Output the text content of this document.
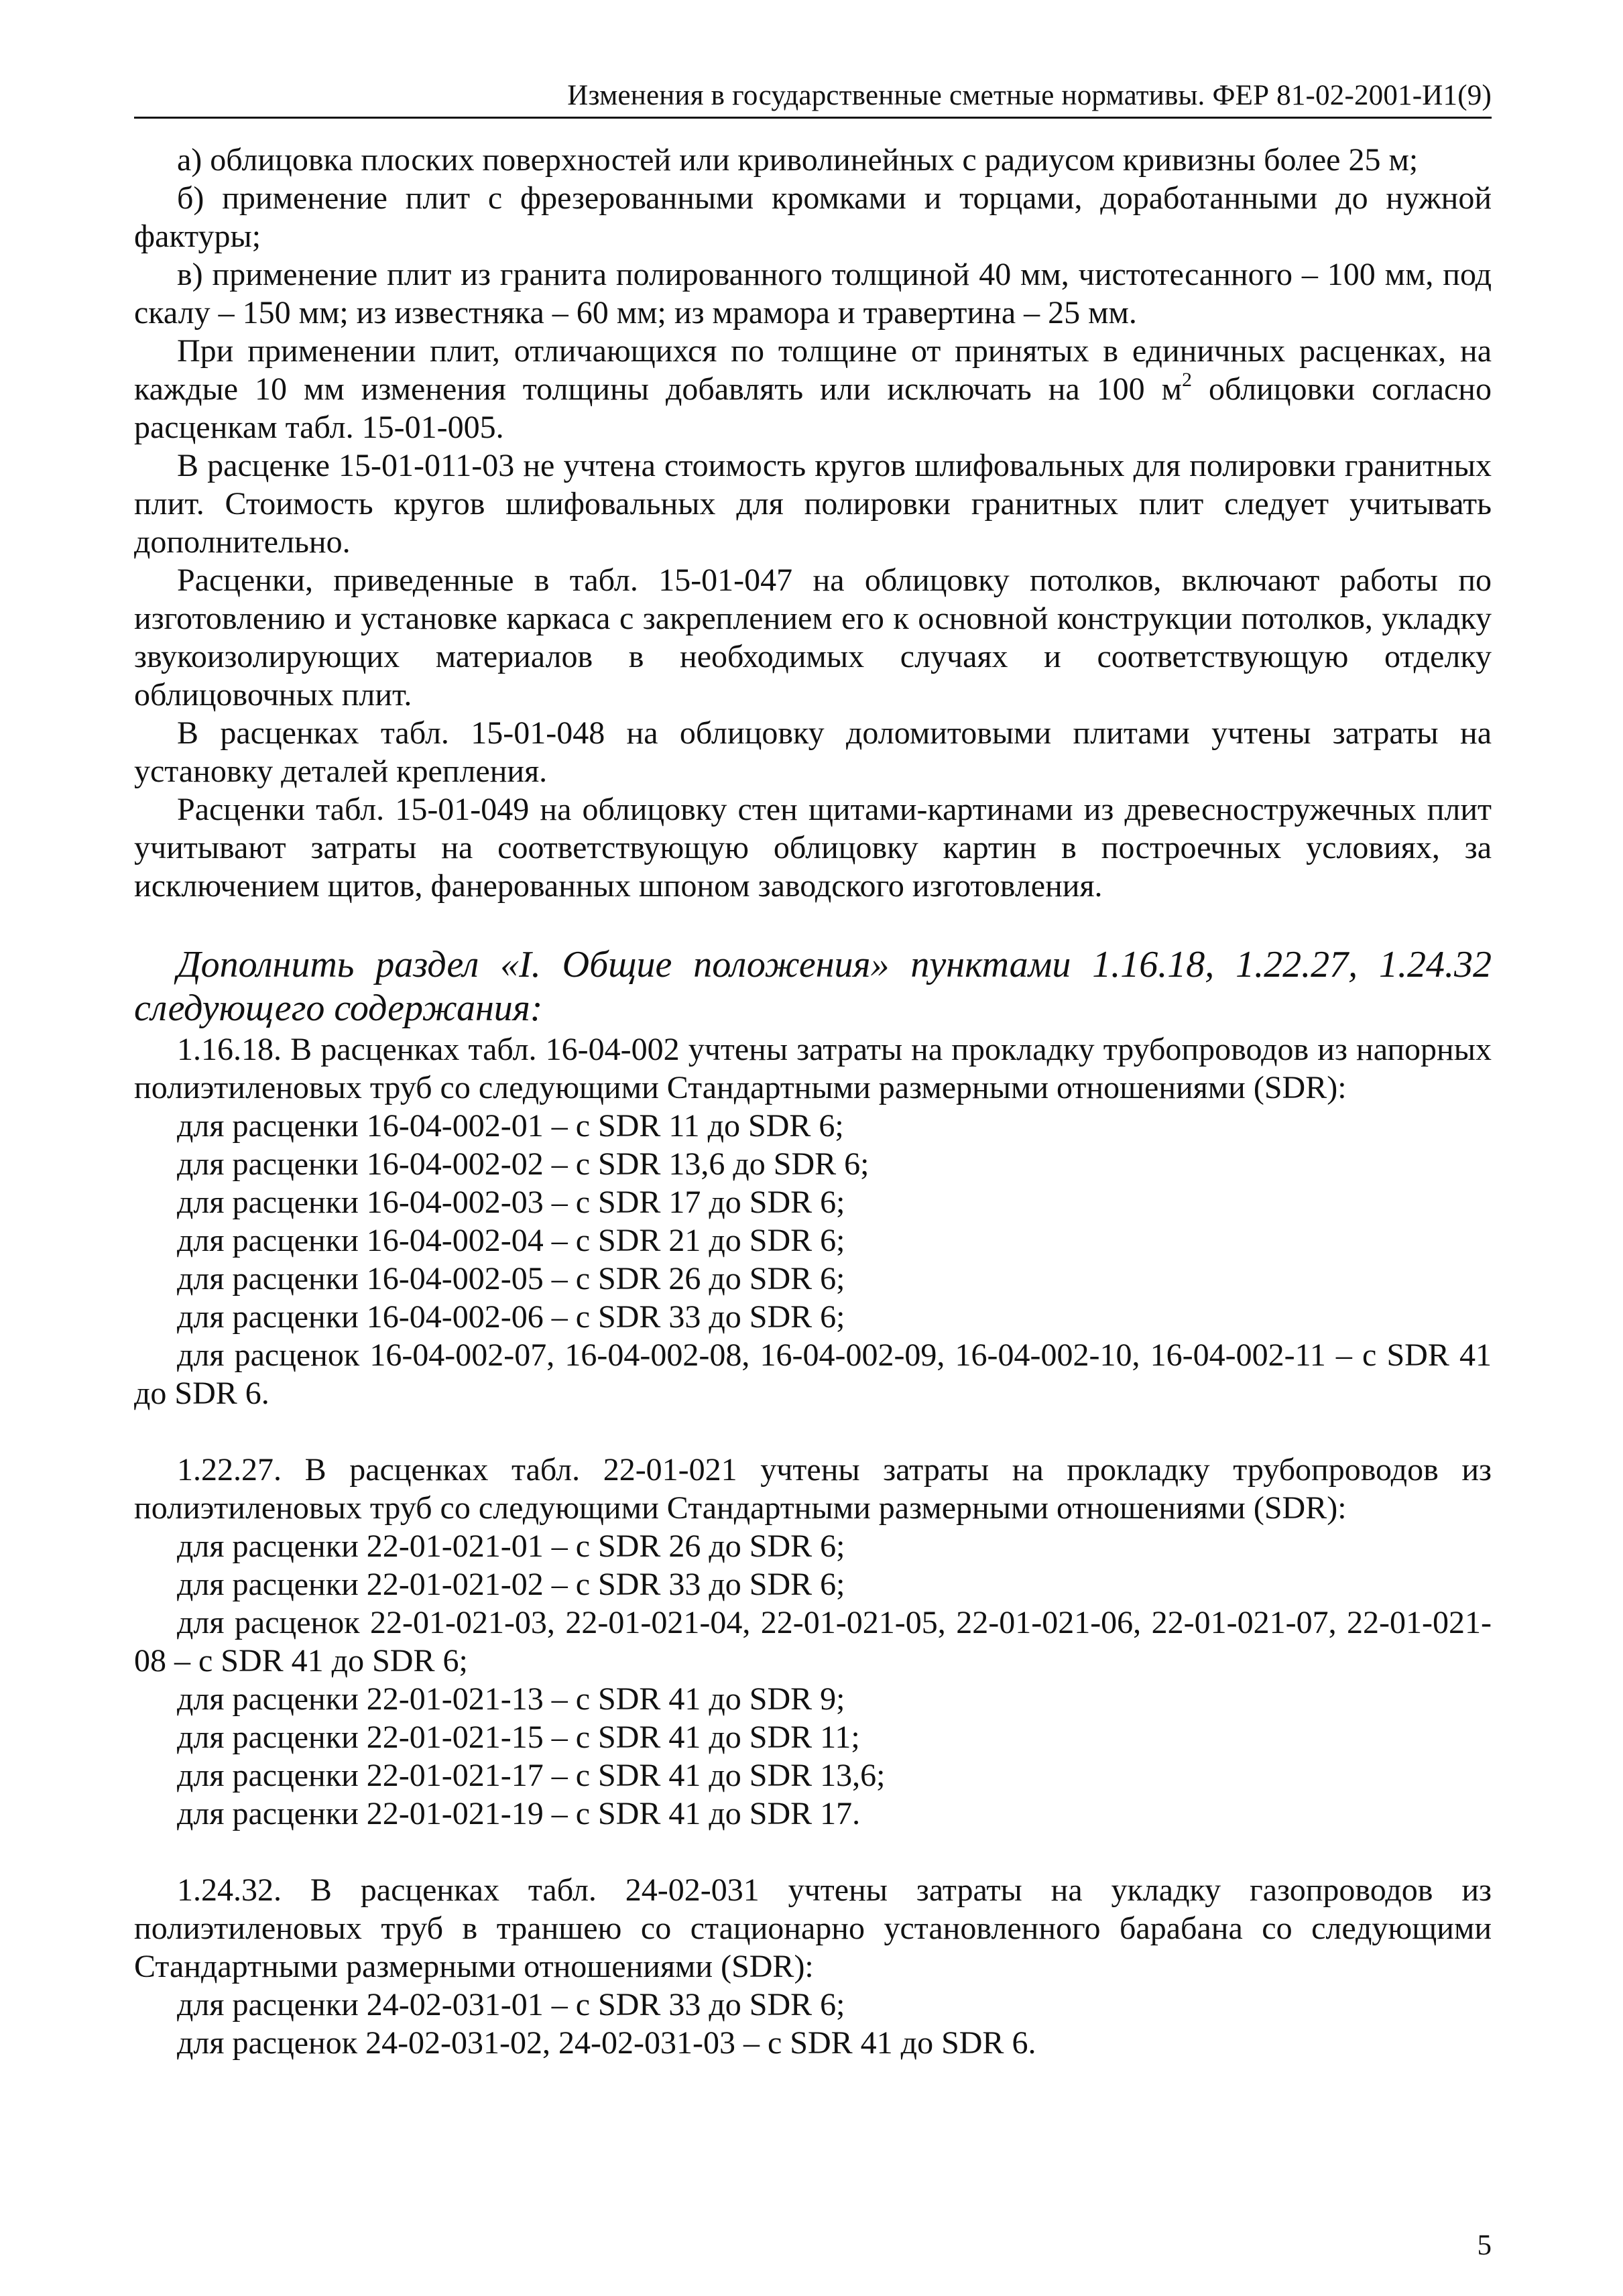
Изменения в государственные сметные нормативы. ФЕР 81-02-2001-И1(9)

а) облицовка плоских поверхностей или криволинейных с радиусом кривизны более 25 м;

б) применение плит с фрезерованными кромками и торцами, доработанными до нужной фактуры;

в) применение плит из гранита полированного толщиной 40 мм, чистотесанного – 100 мм, под скалу – 150 мм; из известняка – 60 мм; из мрамора и травертина – 25 мм.

При применении плит, отличающихся по толщине от принятых в единичных расценках, на каждые 10 мм изменения толщины добавлять или исключать на 100 $м^2$ облицовки согласно расценкам табл. 15-01-005.

В расценке 15-01-011-03 не учтена стоимость кругов шлифовальных для полировки гранитных плит. Стоимость кругов шлифовальных для полировки гранитных плит следует учитывать дополнительно.

Расценки, приведенные в табл. 15-01-047 на облицовку потолков, включают работы по изготовлению и установке каркаса с закреплением его к основной конструкции потолков, укладку звукоизолирующих материалов в необходимых случаях и соответствующую отделку облицовочных плит.

В расценках табл. 15-01-048 на облицовку доломитовыми плитами учтены затраты на установку деталей крепления.

Расценки табл. 15-01-049 на облицовку стен щитами-картинами из древесностружечных плит учитывают затраты на соответствующую облицовку картин в построечных условиях, за исключением щитов, фанерованных шпоном заводского изготовления.

Дополнить раздел «I. Общие положения» пунктами 1.16.18, 1.22.27, 1.24.32 следующего содержания:

1.16.18. В расценках табл. 16-04-002 учтены затраты на прокладку трубопроводов из напорных полиэтиленовых труб со следующими Стандартными размерными отношениями (SDR):

для расценки 16-04-002-01 – с SDR 11 до SDR 6;

для расценки 16-04-002-02 – с SDR 13,6 до SDR 6;

для расценки 16-04-002-03 – с SDR 17 до SDR 6;

для расценки 16-04-002-04 – с SDR 21 до SDR 6;

для расценки 16-04-002-05 – с SDR 26 до SDR 6;

для расценки 16-04-002-06 – с SDR 33 до SDR 6;

для расценок 16-04-002-07, 16-04-002-08, 16-04-002-09, 16-04-002-10, 16-04-002-11 – с SDR 41 до SDR 6.

1.22.27. В расценках табл. 22-01-021 учтены затраты на прокладку трубопроводов из полиэтиленовых труб со следующими Стандартными размерными отношениями (SDR):

для расценки 22-01-021-01 – с SDR 26 до SDR 6;

для расценки 22-01-021-02 – с SDR 33 до SDR 6;

для расценок 22-01-021-03, 22-01-021-04, 22-01-021-05, 22-01-021-06, 22-01-021-07, 22-01-021-08 – с SDR 41 до SDR 6;

для расценки 22-01-021-13 – с SDR 41 до SDR 9;

для расценки 22-01-021-15 – с SDR 41 до SDR 11;

для расценки 22-01-021-17 – с SDR 41 до SDR 13,6;

для расценки 22-01-021-19 – с SDR 41 до SDR 17.

1.24.32. В расценках табл. 24-02-031 учтены затраты на укладку газопроводов из полиэтиленовых труб в траншею со стационарно установленного барабана со следующими Стандартными размерными отношениями (SDR):

для расценки 24-02-031-01 – с SDR 33 до SDR 6;

для расценок 24-02-031-02, 24-02-031-03 – с SDR 41 до SDR 6.

5
